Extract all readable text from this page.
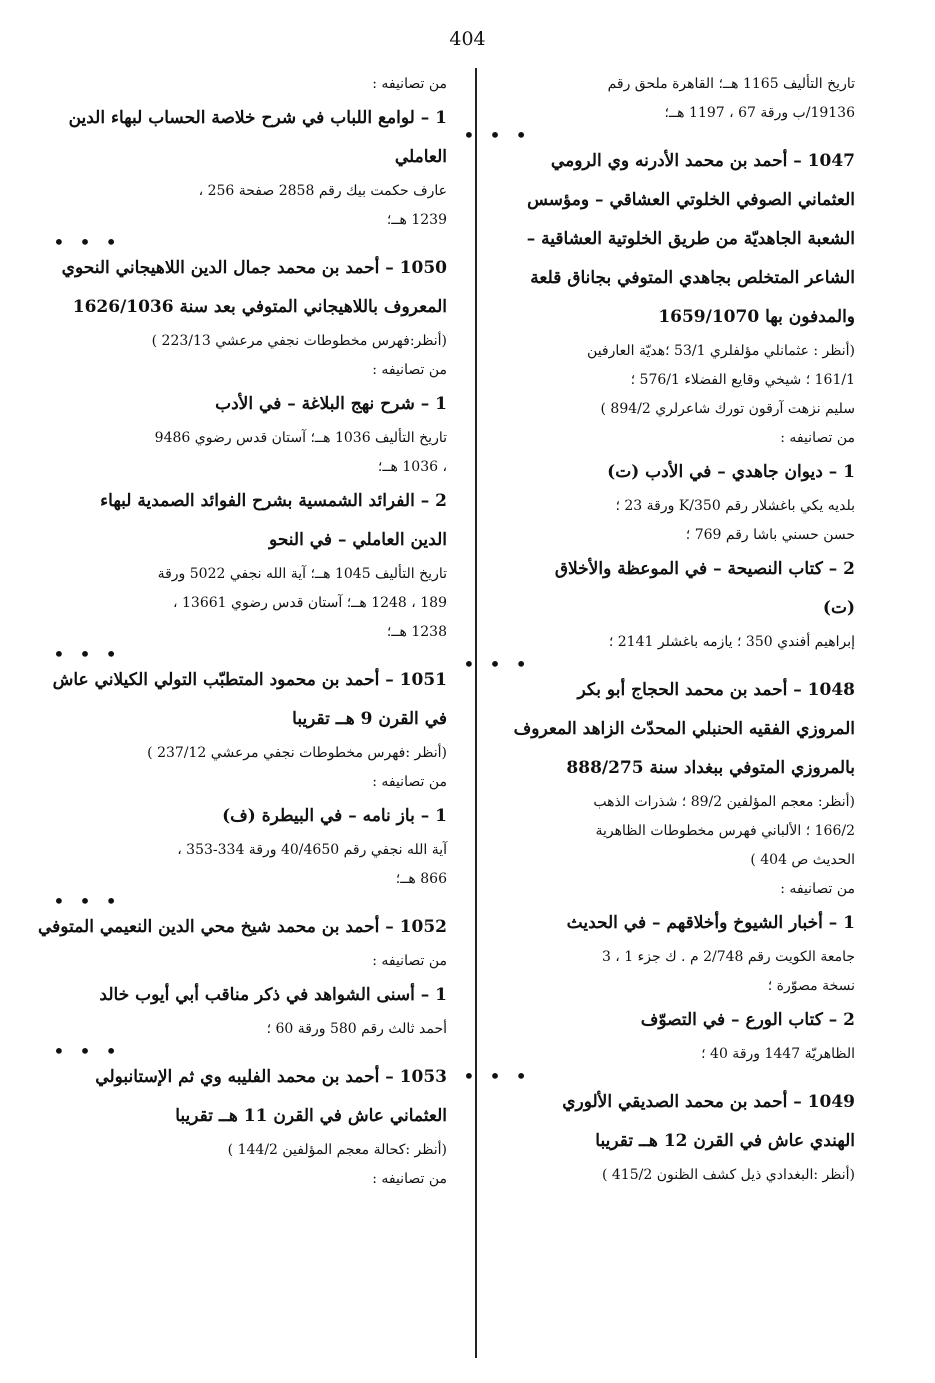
404
تاريخ التأليف 1165 هــ؛ القاهرة ملحق رقم
19136/ب ورقة 67 ، 1197 هــ؛
• • •
1047 – أحمد بن محمد الأدرنه وي الرومي
العثماني الصوفي الخلوتي العشاقي – ومؤسس
الشعبة الجاهديّة من طريق الخلوتية العشاقية –
الشاعر المتخلص بجاهدي المتوفي بجاناق قلعة
والمدفون بها 1659/1070
(أنظر : عثمانلي مؤلفلري 53/1 ؛هديّة العارفين
161/1 ؛ شيخي وقايع الفضلاء 576/1 ؛
سليم نزهت آرقون تورك شاعرلري 894/2 )
من تصانيفه :
1 – ديوان جاهدي – في الأدب (ت)
بلديه يكي باغشلار رقم 350/K ورقة 23 ؛
حسن حسني باشا رقم 769 ؛
2 – كتاب النصيحة – في الموعظة والأخلاق
(ت)
إبراهيم أفندي 350 ؛ يازمه باغشلر 2141 ؛
• • •
1048 – أحمد بن محمد الحجاج أبو بكر
المروزي الفقيه الحنبلي المحدّث الزاهد المعروف
بالمروزي المتوفي ببغداد سنة 888/275
(أنظر: معجم المؤلفين 89/2 ؛ شذرات الذهب
166/2 ؛ الألباني فهرس مخطوطات الظاهرية
الحديث ص 404 )
من تصانيفه :
1 – أخبار الشيوخ وأخلاقهم – في الحديث
جامعة الكويت رقم 2/748 م . ك جزء 1 ، 3
نسخة مصوّرة ؛
2 – كتاب الورع – في التصوّف
الظاهريّة 1447 ورقة 40 ؛
• • •
1049 – أحمد بن محمد الصديقي الألوري
الهندي عاش في القرن 12 هــ تقريبا
(أنظر :البغدادي ذيل كشف الظنون 415/2 )
من تصانيفه :
1 – لوامع اللباب في شرح خلاصة الحساب لبهاء الدين
العاملي
عارف حكمت بيك رقم 2858 صفحة 256 ،
1239 هــ؛
• • •
1050 – أحمد بن محمد جمال الدين اللاهيجاني النحوي
المعروف باللاهيجاني المتوفي بعد سنة 1626/1036
(أنظر:فهرس مخطوطات نجفي مرعشي 223/13 )
من تصانيفه :
1 – شرح نهج البلاغة – في الأدب
تاريخ التأليف 1036 هــ؛ آستان قدس رضوي 9486
، 1036 هــ؛
2 – الفرائد الشمسية بشرح الفوائد الصمدية لبهاء
الدين العاملي – في النحو
تاريخ التأليف 1045 هــ؛ آية الله نجفي 5022 ورقة
189 ، 1248 هــ؛ آستان قدس رضوي 13661 ،
1238 هــ؛
• • •
1051 – أحمد بن محمود المتطبّب التولي الكيلاني عاش
في القرن 9 هــ تقريبا
(أنظر :فهرس مخطوطات نجفي مرعشي 237/12 )
من تصانيفه :
1 – باز نامه – في البيطرة (ف)
آية الله نجفي رقم 40/4650 ورقة 334-353 ،
866 هــ؛
• • •
1052 – أحمد بن محمد شيخ محي الدين النعيمي المتوفي
من تصانيفه :
1 – أسنى الشواهد في ذكر مناقب أبي أيوب خالد
أحمد ثالث رقم 580 ورقة 60 ؛
• • •
1053 – أحمد بن محمد الفليبه وي ثم الإستانبولي
العثماني عاش في القرن 11 هــ تقريبا
(أنظر :كحالة معجم المؤلفين 144/2 )
من تصانيفه :
